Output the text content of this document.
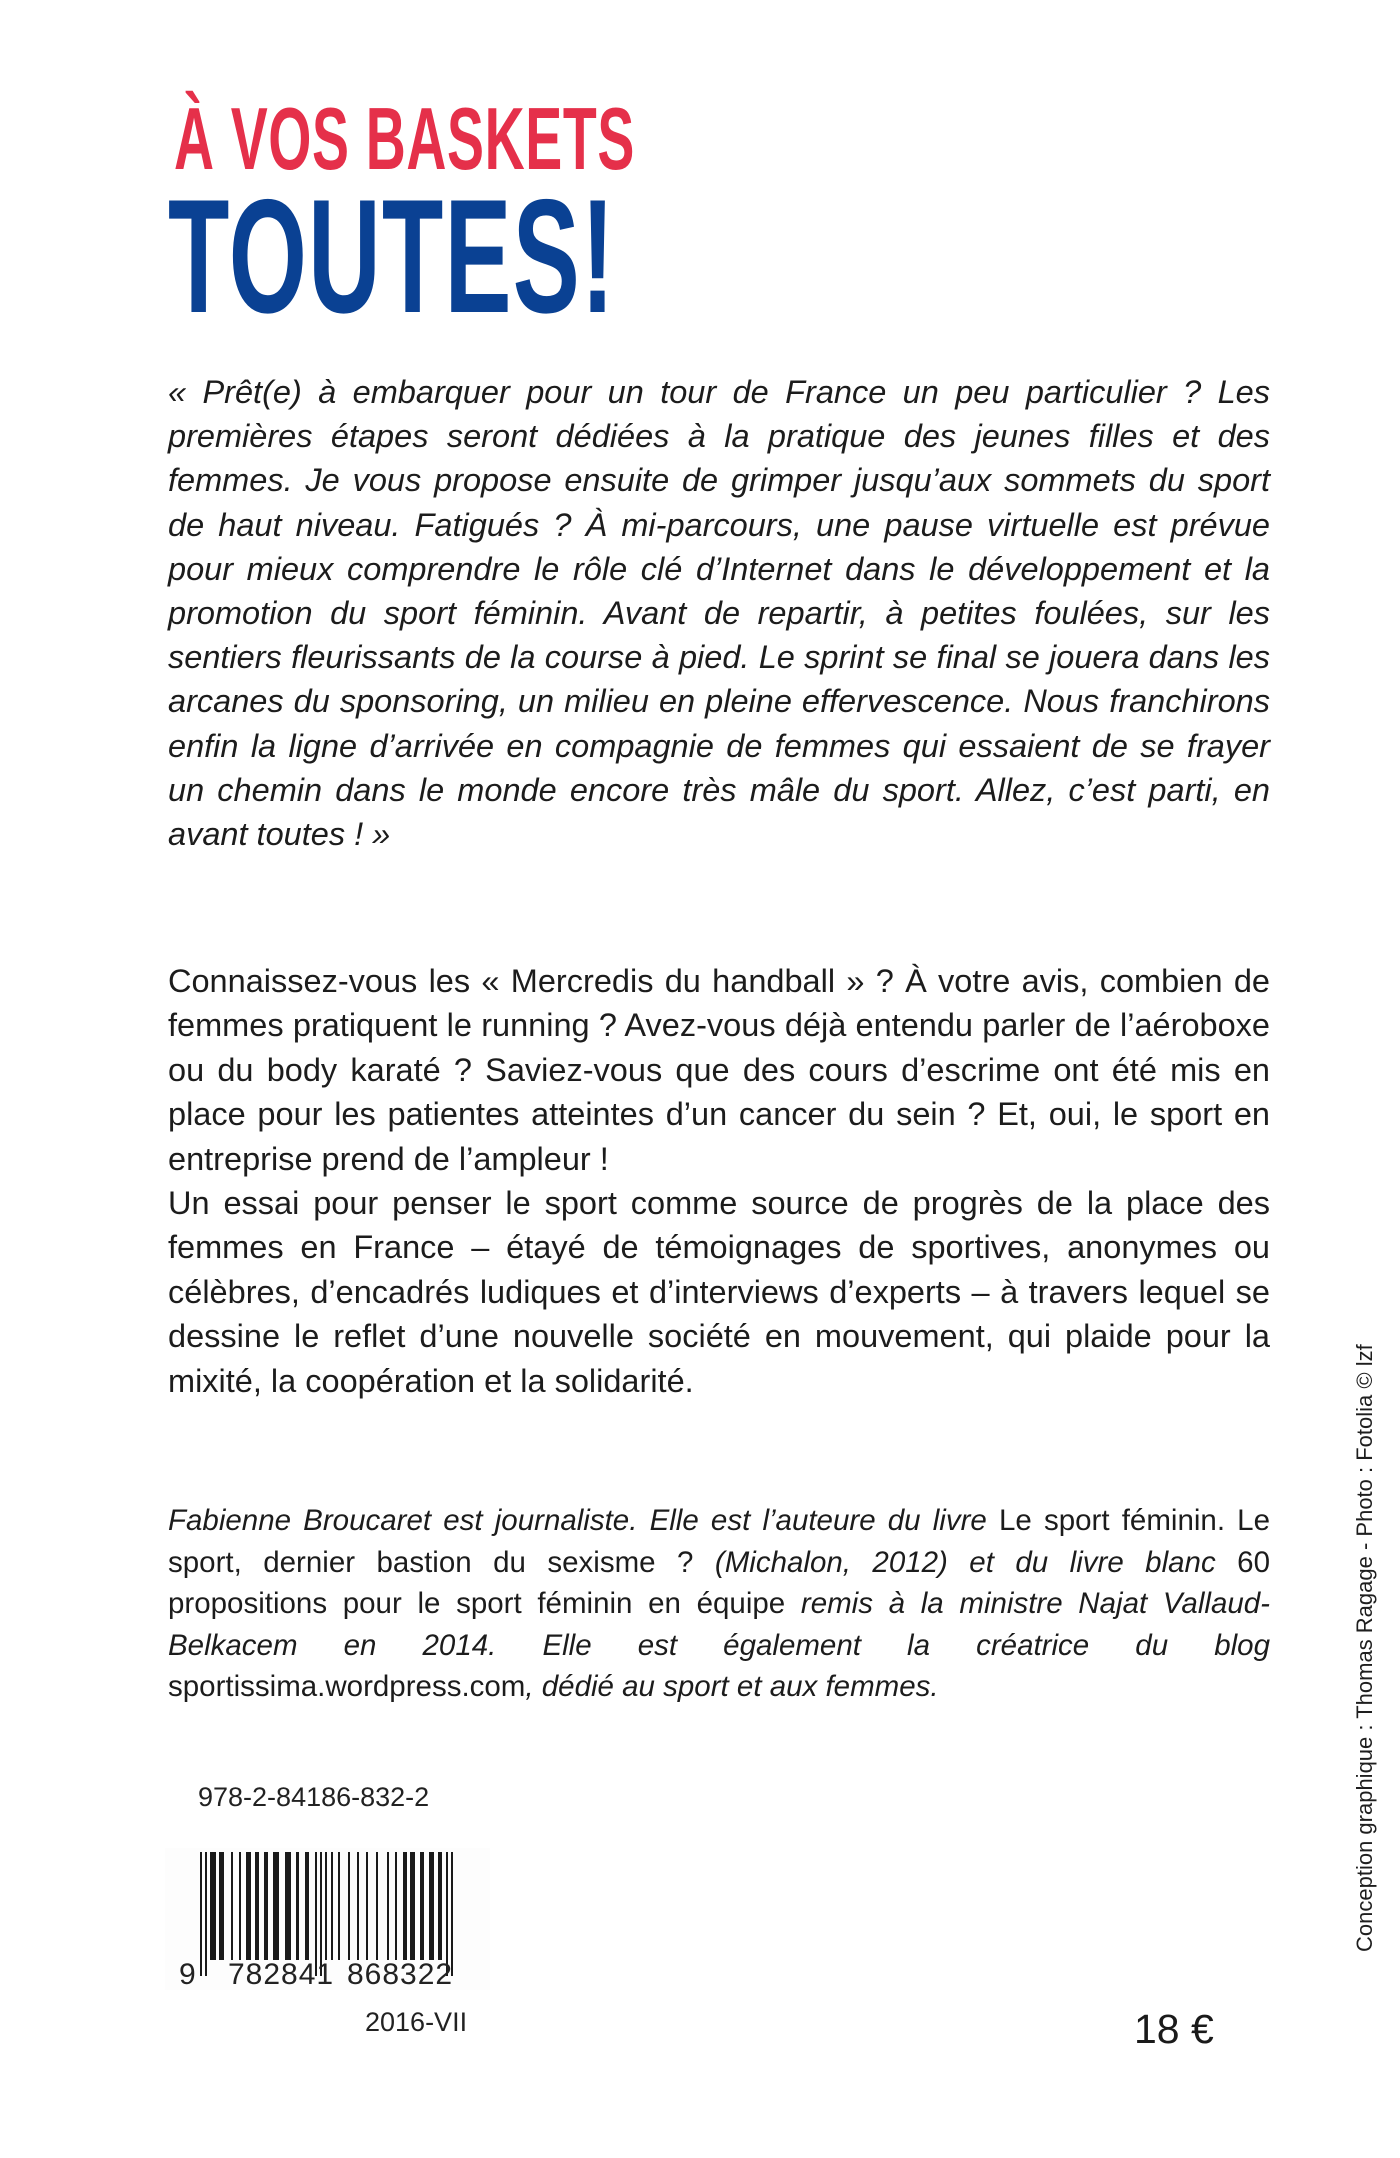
À VOS BASKETS
TOUTES!

« Prêt(e) à embarquer pour un tour de France un peu particulier ? Les premières étapes seront dédiées à la pratique des jeunes filles et des femmes. Je vous propose ensuite de grimper jusqu’aux sommets du sport de haut niveau. Fatigués ? À mi-parcours, une pause virtuelle est prévue pour mieux comprendre le rôle clé d’Internet dans le développement et la promotion du sport féminin. Avant de repartir, à petites foulées, sur les sentiers fleurissants de la course à pied. Le sprint se final se jouera dans les arcanes du sponsoring, un milieu en pleine effervescence. Nous franchirons enfin la ligne d’arrivée en compagnie de femmes qui essaient de se frayer un chemin dans le monde encore très mâle du sport. Allez, c’est parti, en avant toutes ! »

Connaissez-vous les « Mercredis du handball » ? À votre avis, combien de femmes pratiquent le running ? Avez-vous déjà entendu parler de l’aéroboxe ou du body karaté ? Saviez-vous que des cours d’escrime ont été mis en place pour les patientes atteintes d’un cancer du sein ? Et, oui, le sport en entreprise prend de l’ampleur !
Un essai pour penser le sport comme source de progrès de la place des femmes en France – étayé de témoignages de sportives, anonymes ou célèbres, d’encadrés ludiques et d’interviews d’experts – à travers lequel se dessine le reflet d’une nouvelle société en mouvement, qui plaide pour la mixité, la coopération et la solidarité.

Fabienne Broucaret est journaliste. Elle est l’auteure du livre Le sport féminin. Le sport, dernier bastion du sexisme ? (Michalon, 2012) et du livre blanc 60 propositions pour le sport féminin en équipe remis à la ministre Najat Vallaud-Belkacem en 2014. Elle est également la créatrice du blog sportissima.wordpress.com, dédié au sport et aux femmes.

978-2-84186-832-2
9 782841 868322
2016-VII	18 €
Conception graphique : Thomas Ragage - Photo : Fotolia © lzf
